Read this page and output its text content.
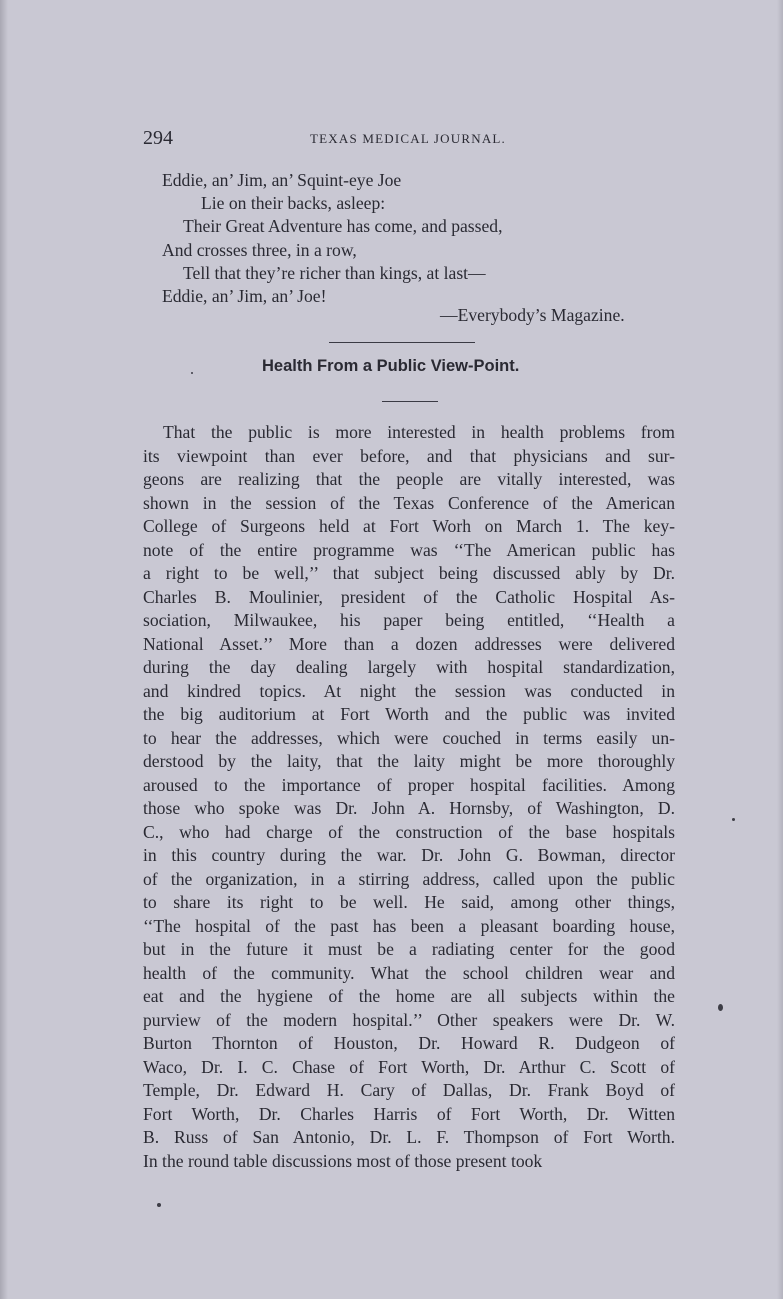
294	TEXAS MEDICAL JOURNAL.
Eddie, an’ Jim, an’ Squint-eye Joe
Lie on their backs, asleep:
Their Great Adventure has come, and passed,
And crosses three, in a row,
Tell that they’re richer than kings, at last—
Eddie, an’ Jim, an’ Joe!
—Everybody’s Magazine.
Health From a Public View-Point.
That the public is more interested in health problems from
its viewpoint than ever before, and that physicians and sur-
geons are realizing that the people are vitally interested, was
shown in the session of the Texas Conference of the American
College of Surgeons held at Fort Worh on March 1. The key-
note of the entire programme was ‘‘The American public has
a right to be well,’’ that subject being discussed ably by Dr.
Charles B. Moulinier, president of the Catholic Hospital As-
sociation, Milwaukee, his paper being entitled, ‘‘Health a
National Asset.’’ More than a dozen addresses were delivered
during the day dealing largely with hospital standardization,
and kindred topics. At night the session was conducted in
the big auditorium at Fort Worth and the public was invited
to hear the addresses, which were couched in terms easily un-
derstood by the laity, that the laity might be more thoroughly
aroused to the importance of proper hospital facilities. Among
those who spoke was Dr. John A. Hornsby, of Washington, D.
C., who had charge of the construction of the base hospitals
in this country during the war. Dr. John G. Bowman, director
of the organization, in a stirring address, called upon the public
to share its right to be well. He said, among other things,
‘‘The hospital of the past has been a pleasant boarding house,
but in the future it must be a radiating center for the good
health of the community. What the school children wear and
eat and the hygiene of the home are all subjects within the
purview of the modern hospital.’’ Other speakers were Dr. W.
Burton Thornton of Houston, Dr. Howard R. Dudgeon of
Waco, Dr. I. C. Chase of Fort Worth, Dr. Arthur C. Scott of
Temple, Dr. Edward H. Cary of Dallas, Dr. Frank Boyd of
Fort Worth, Dr. Charles Harris of Fort Worth, Dr. Witten
B. Russ of San Antonio, Dr. L. F. Thompson of Fort Worth.
In the round table discussions most of those present took
